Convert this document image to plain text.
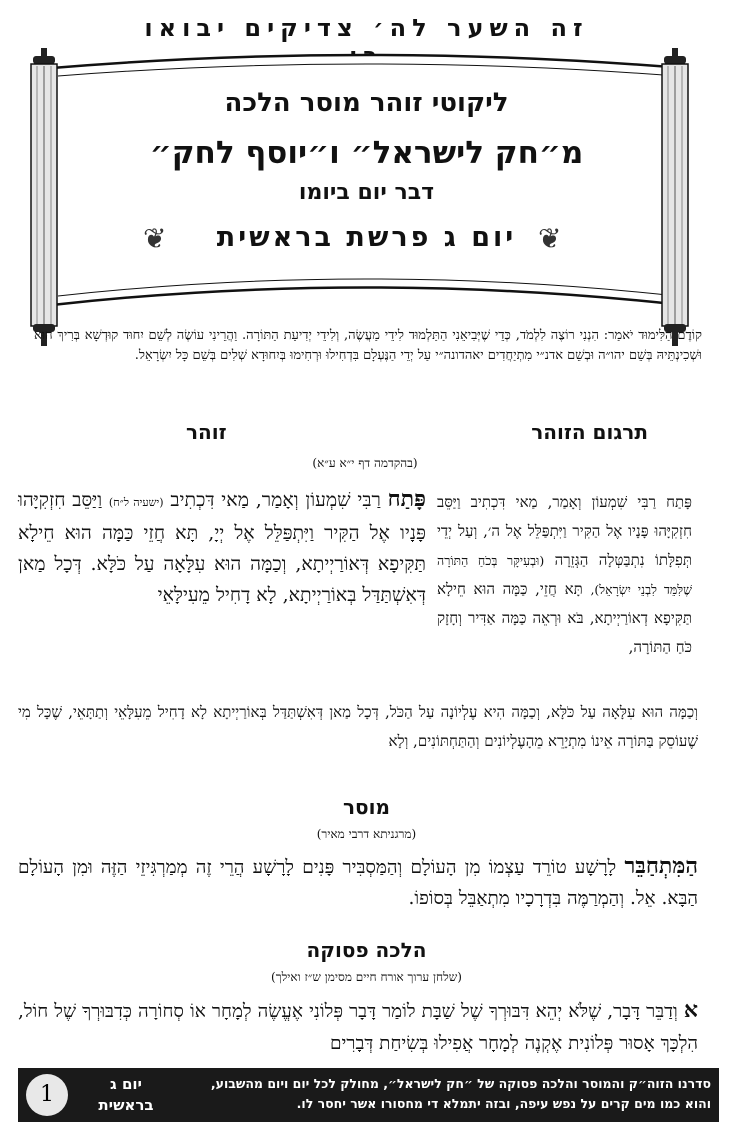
זה השער לה׳ צדיקים יבואו
ליקוטי זוהר מוסר הלכה
מ״חק לישראל״ ו״יוסף לחק״
דבר יום ביומו
❦
יום ג פרשת בראשית
❦
קוֹדֶם הַלִּימוּד יֹאמַר: הִנְנִי רוֹצֶה לִלְמֹד, כְּדֵי שֶׁיְּבִיאֵנִי הַתַּלְמוּד לִידֵי מַעֲשֶׂה, וְלִידֵי יְדִיעַת הַתּוֹרָה. וַהֲרֵינִי עוֹשֶׂה לְשֵׁם יִחוּד קוּדְשָׁא בְּרִיךְ הוּא וּשְׁכִינְתֵּיהּ בְּשֵׁם יהו״ה וּבְשֵׁם אדנ״י מִתְיַחֲדִים יאהדונה״י עַל יְדֵי הַנֶּעְלָם בִּדְחִילוּ וּרְחִימוּ בְּיִחוּדָא שְׁלִים בְּשֵׁם כָּל יִשְׂרָאֵל.
תרגום הזוהר
זוהר
(בהקדמה דף י״א ע״א)
פָּתַח רַבִּי שִׁמְעוֹן וְאָמַר, מַאי דִּכְתִיב וַיַּסֵּב חִזְקִיָּהוּ פָּנָיו אֶל הַקִּיר וַיִּתְפַּלֵּל אֶל ה׳, וְעַל יְדֵי תְּפִלָּתוֹ נִתְבַּטְּלָה הַגְּזֵרָה (וּבְעִיקָּר בְּכֹחַ הַתּוֹרָה שֶׁלִּמֵּד לִבְנֵי יִשְׂרָאֵל), תָּא חֲזֵי, כַּמָּה הוּא חֵילָא תַּקִּיפָא דְאוֹרַיְיתָא, בֹּא וּרְאֵה כַּמָּה אַדִּיר וְחָזָק כֹּחַ הַתּוֹרָה,
פָּתַח רַבִּי שִׁמְעוֹן וְאָמַר, מַאי דִּכְתִיב (ישעיה ל״ח) וַיַּסֵּב חִזְקִיָּהוּ פָּנָיו אֶל הַקִּיר וַיִּתְפַּלֵּל אֶל יְיָ, תָּא חֲזֵי כַּמָּה הוּא חֵילָא תַּקִּיפָא דְּאוֹרַיְיתָא, וְכַמָּה הוּא עִלָּאָה עַל כֹּלָּא. דְּכָל מַאן דְּאִשְׁתַּדַּל בְּאוֹרַיְיתָא, לָא דָחִיל מֵעִילָּאֵי
וְכַמָּה הוּא עִלָּאָה עַל כֹּלָּא, וְכַמָּה הִיא עֶלְיוֹנָה עַל הַכֹּל, דְּכָל מַאן דְּאִשְׁתַּדַּל בְּאוֹרַיְיתָא לָא דָחִיל מֵעִלָּאֵי וְתַתָּאֵי, שֶׁכָּל מִי שֶׁעוֹסֵק בַּתּוֹרָה אֵינוֹ מִתְיָרֵא מֵהָעֶלְיוֹנִים וְהַתַּחְתּוֹנִים, וְלָא
מוסר
(מרגניתא דרבי מאיר)
הַמִּתְחַבֵּר לָרָשָׁע טוֹרֵד עַצְמוֹ מִן הָעוֹלָם וְהַמַּסְבִּיר פָּנִים לָרָשָׁע הֲרֵי זֶה מְמַרְגִּיזֵי הַזֶּה וּמִן הָעוֹלָם הַבָּא. אֵל. וְהַמְרַמֶּה בִּדְרָכָיו מִתְאַבֵּל בְּסוֹפוֹ.
הלכה פסוקה
(שלחן ערוך אורח חיים מסימן ש״ז ואילך)
א וְדַבֵּר דָּבָר, שֶׁלֹּא יְהֵא דִּבּוּרְךָ שֶׁל שַׁבָּת לוֹמַר דָּבָר פְּלוֹנִי אֶעֱשֶׂה לְמָחָר אוֹ סְחוֹרָה כְּדִבּוּרְךָ שֶׁל חוֹל, הִלְכָּךְ אָסוּר פְּלוֹנִית אֶקְנֶה לְמָחָר אֲפִילוּ בְּשִׂיחַת דְּבָרִים
סדרנו הזוה״ק והמוסר והלכה פסוקה של ״חק לישראל״, מחולק לכל יום ויום מהשבוע, והוא כמו מים קרים על נפש עיפה, ובזה יתמלא די מחסורו אשר יחסר לו.
יום ג
בראשית
1
